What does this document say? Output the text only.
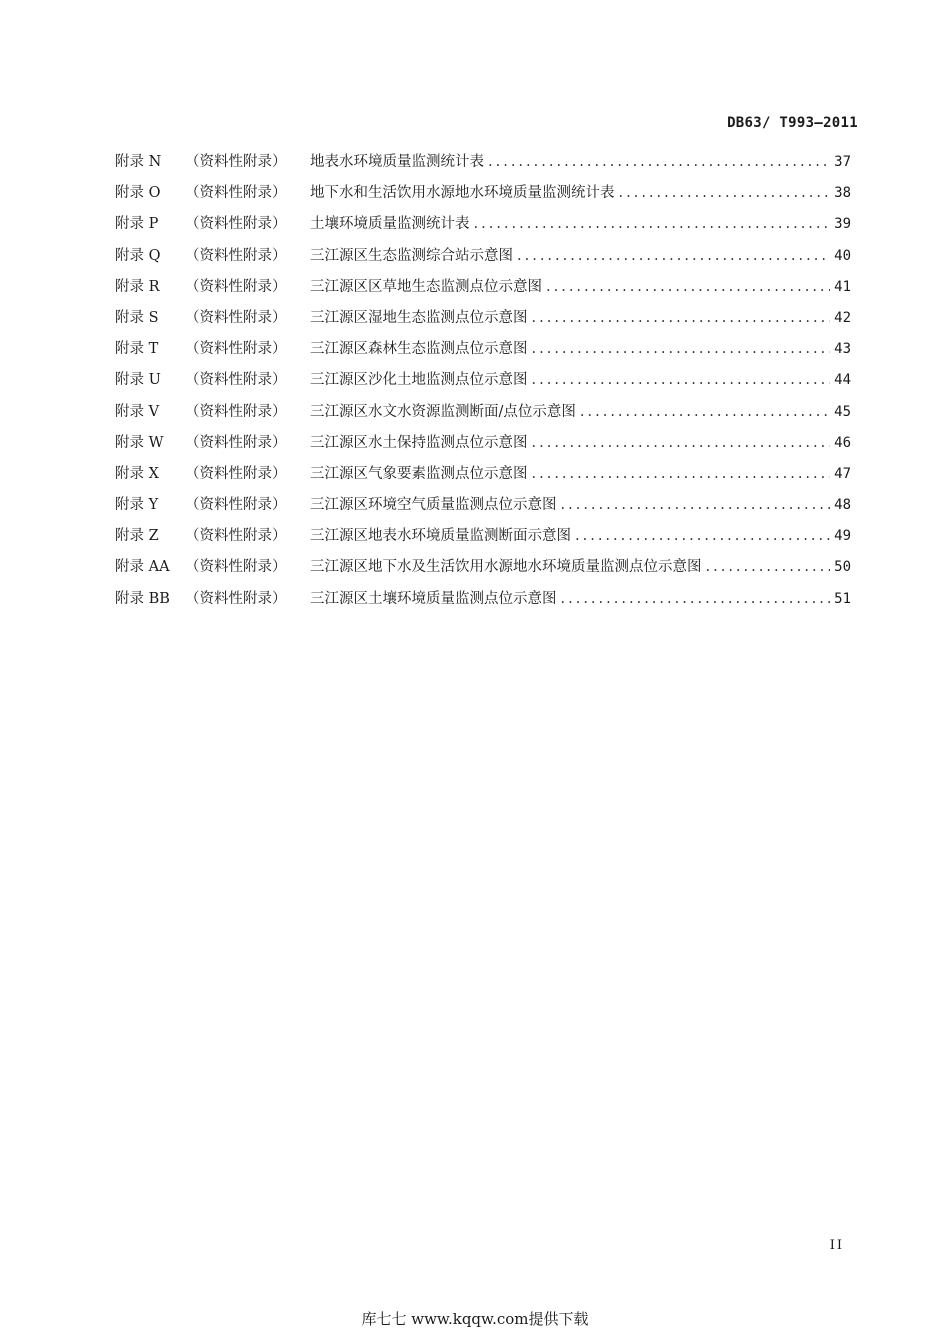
DB63/ T993—2011
附录 N	（资料性附录）	地表水环境质量监测统计表 .....	37
附录 O	（资料性附录）	地下水和生活饮用水源地水环境质量监测统计表 .....	38
附录 P	（资料性附录）	土壤环境质量监测统计表 .....	39
附录 Q	（资料性附录）	三江源区生态监测综合站示意图 .....	40
附录 R	（资料性附录）	三江源区区草地生态监测点位示意图 .....	41
附录 S	（资料性附录）	三江源区湿地生态监测点位示意图 .....	42
附录 T	（资料性附录）	三江源区森林生态监测点位示意图 .....	43
附录 U	（资料性附录）	三江源区沙化土地监测点位示意图 .....	44
附录 V	（资料性附录）	三江源区水文水资源监测断面/点位示意图 .....	45
附录 W	（资料性附录）	三江源区水土保持监测点位示意图 .....	46
附录 X	（资料性附录）	三江源区气象要素监测点位示意图 .....	47
附录 Y	（资料性附录）	三江源区环境空气质量监测点位示意图 .....	48
附录 Z	（资料性附录）	三江源区地表水环境质量监测断面示意图 .....	49
附录 AA	（资料性附录）	三江源区地下水及生活饮用水源地水环境质量监测点位示意图 .....	50
附录 BB	（资料性附录）	三江源区土壤环境质量监测点位示意图 .....	51
II
库七七 www.kqqw.com提供下载
